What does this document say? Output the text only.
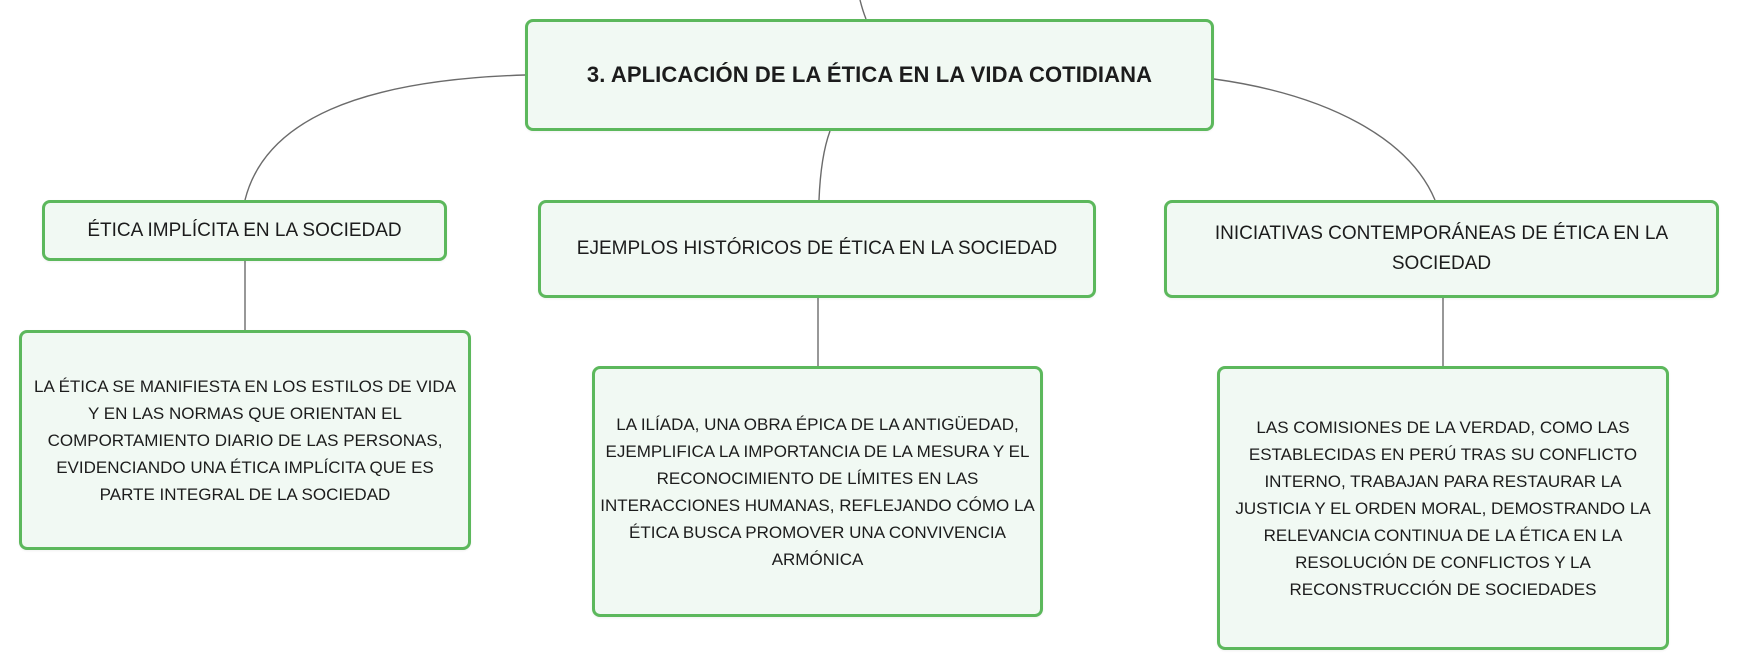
3. APLICACIÓN DE LA ÉTICA EN LA VIDA COTIDIANA
ÉTICA IMPLÍCITA EN LA SOCIEDAD
EJEMPLOS HISTÓRICOS DE ÉTICA EN LA SOCIEDAD
INICIATIVAS CONTEMPORÁNEAS DE ÉTICA EN LA SOCIEDAD
LA ÉTICA SE MANIFIESTA EN LOS ESTILOS DE VIDA Y EN LAS NORMAS QUE ORIENTAN EL COMPORTAMIENTO DIARIO DE LAS PERSONAS, EVIDENCIANDO UNA ÉTICA IMPLÍCITA QUE ES PARTE INTEGRAL DE LA SOCIEDAD
LA ILÍADA, UNA OBRA ÉPICA DE LA ANTIGÜEDAD, EJEMPLIFICA LA IMPORTANCIA DE LA MESURA Y EL RECONOCIMIENTO DE LÍMITES EN LAS INTERACCIONES HUMANAS, REFLEJANDO CÓMO LA ÉTICA BUSCA PROMOVER UNA CONVIVENCIA ARMÓNICA
LAS COMISIONES DE LA VERDAD, COMO LAS ESTABLECIDAS EN PERÚ TRAS SU CONFLICTO INTERNO, TRABAJAN PARA RESTAURAR LA JUSTICIA Y EL ORDEN MORAL, DEMOSTRANDO LA RELEVANCIA CONTINUA DE LA ÉTICA EN LA RESOLUCIÓN DE CONFLICTOS Y LA RECONSTRUCCIÓN DE SOCIEDADES
